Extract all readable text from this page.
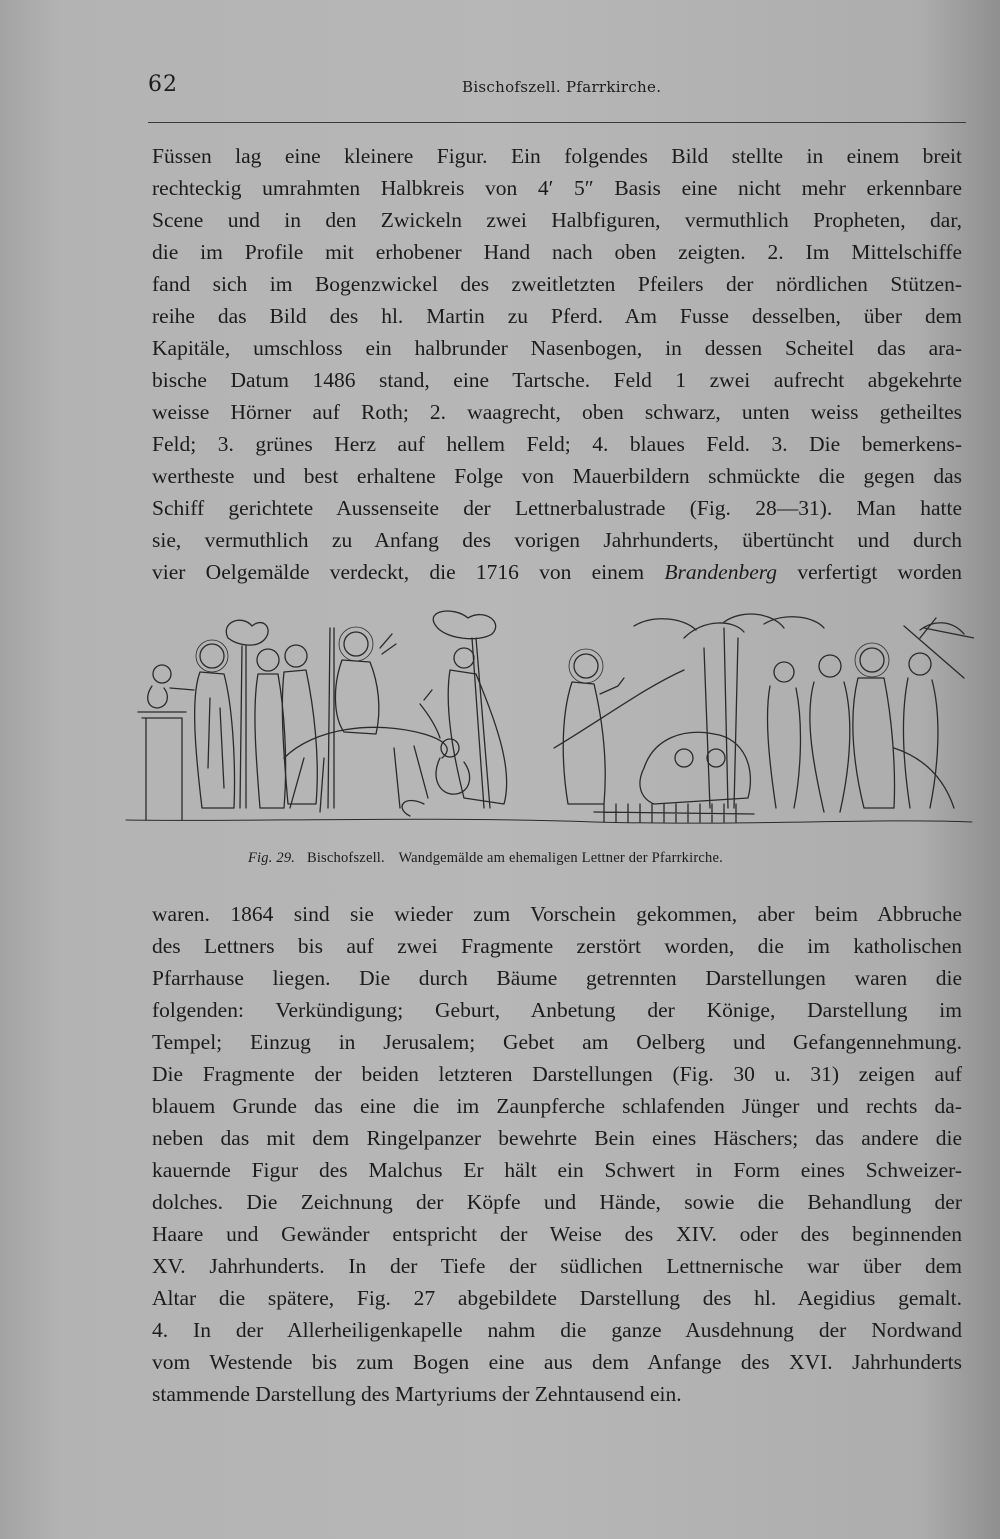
62	Bischofszell. Pfarrkirche.
Füssen lag eine kleinere Figur. Ein folgendes Bild stellte in einem breit
rechteckig umrahmten Halbkreis von 4′ 5″ Basis eine nicht mehr erkennbare
Scene und in den Zwickeln zwei Halbfiguren, vermuthlich Propheten, dar,
die im Profile mit erhobener Hand nach oben zeigten. 2. Im Mittelschiffe
fand sich im Bogenzwickel des zweitletzten Pfeilers der nördlichen Stützen-
reihe das Bild des hl. Martin zu Pferd. Am Fusse desselben, über dem
Kapitäle, umschloss ein halbrunder Nasenbogen, in dessen Scheitel das ara-
bische Datum 1486 stand, eine Tartsche. Feld 1 zwei aufrecht abgekehrte
weisse Hörner auf Roth; 2. waagrecht, oben schwarz, unten weiss getheiltes
Feld; 3. grünes Herz auf hellem Feld; 4. blaues Feld. 3. Die bemerkens-
wertheste und best erhaltene Folge von Mauerbildern schmückte die gegen das
Schiff gerichtete Aussenseite der Lettnerbalustrade (Fig. 28—31). Man hatte
sie, vermuthlich zu Anfang des vorigen Jahrhunderts, übertüncht und durch
vier Oelgemälde verdeckt, die 1716 von einem Brandenberg verfertigt worden
Fig. 29. Bischofszell. Wandgemälde am ehemaligen Lettner der Pfarrkirche.
waren. 1864 sind sie wieder zum Vorschein gekommen, aber beim Abbruche
des Lettners bis auf zwei Fragmente zerstört worden, die im katholischen
Pfarrhause liegen. Die durch Bäume getrennten Darstellungen waren die
folgenden: Verkündigung; Geburt, Anbetung der Könige, Darstellung im
Tempel; Einzug in Jerusalem; Gebet am Oelberg und Gefangennehmung.
Die Fragmente der beiden letzteren Darstellungen (Fig. 30 u. 31) zeigen auf
blauem Grunde das eine die im Zaunpferche schlafenden Jünger und rechts da-
neben das mit dem Ringelpanzer bewehrte Bein eines Häschers; das andere die
kauernde Figur des Malchus Er hält ein Schwert in Form eines Schweizer-
dolches. Die Zeichnung der Köpfe und Hände, sowie die Behandlung der
Haare und Gewänder entspricht der Weise des XIV. oder des beginnenden
XV. Jahrhunderts. In der Tiefe der südlichen Lettnernische war über dem
Altar die spätere, Fig. 27 abgebildete Darstellung des hl. Aegidius gemalt.
4. In der Allerheiligenkapelle nahm die ganze Ausdehnung der Nordwand
vom Westende bis zum Bogen eine aus dem Anfange des XVI. Jahrhunderts
stammende Darstellung des Martyriums der Zehntausend ein.
